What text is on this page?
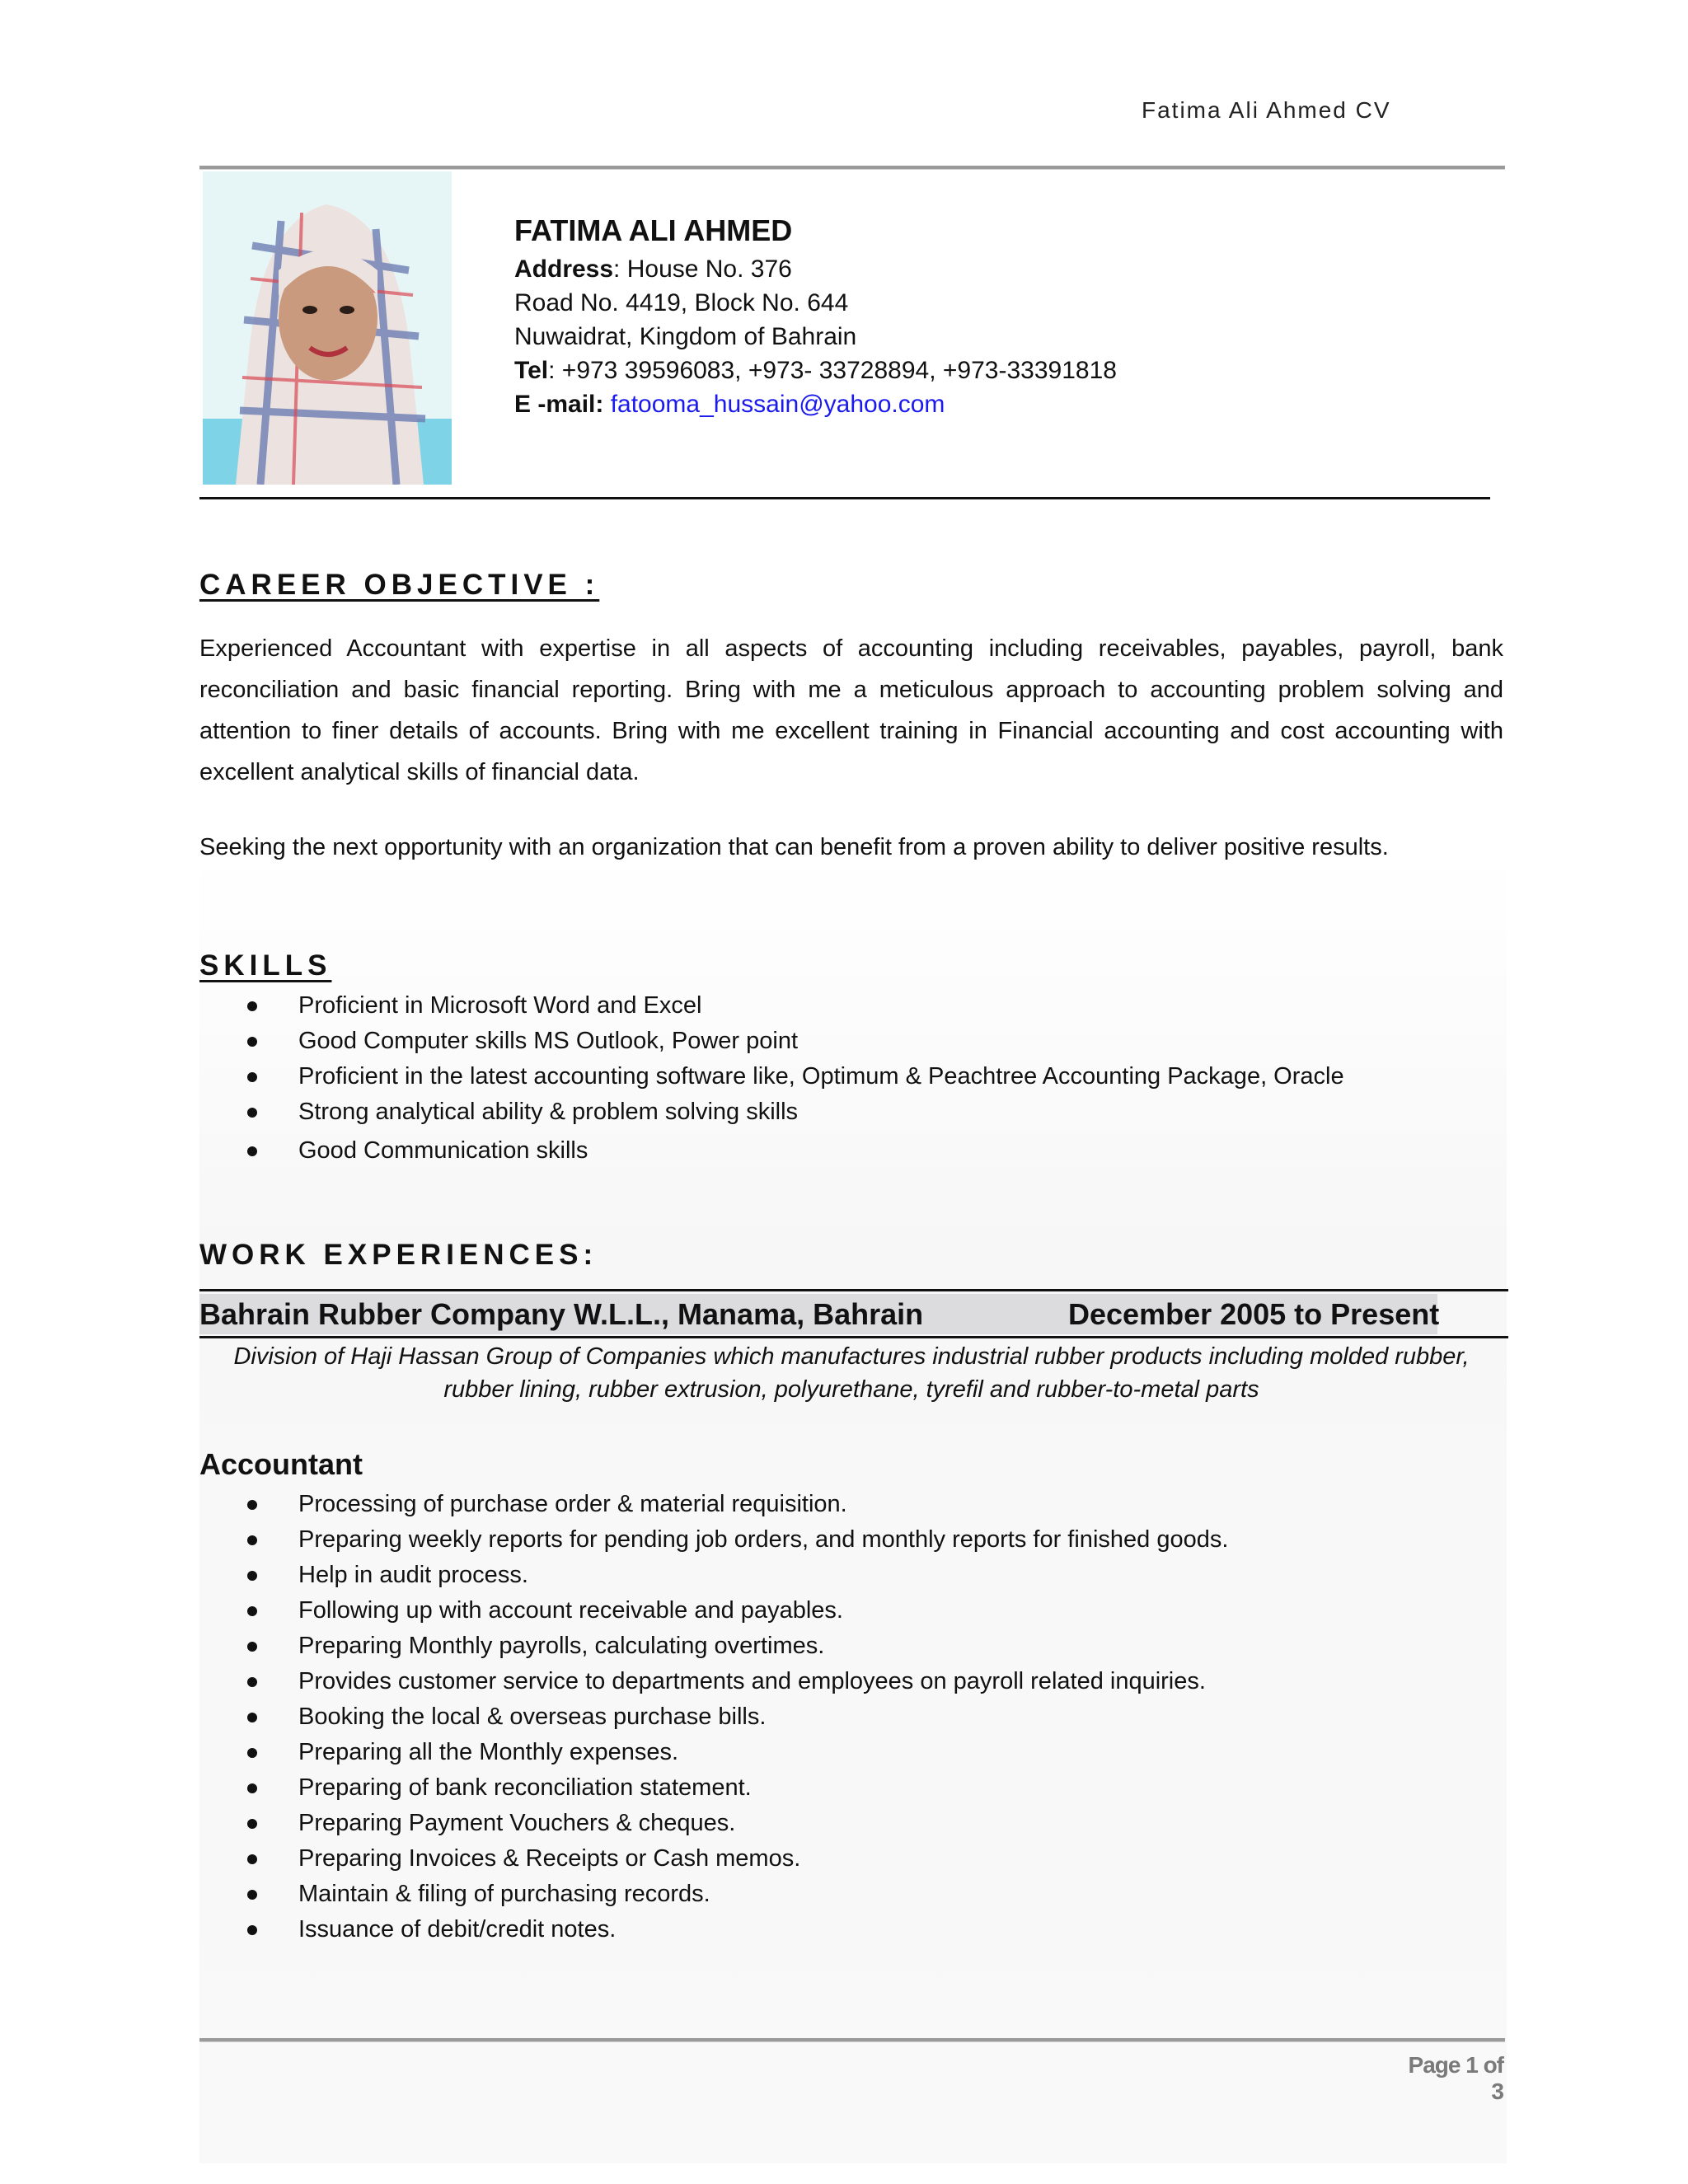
Fatima Ali Ahmed CV
FATIMA ALI AHMED
Address: House No. 376
Road No. 4419, Block No. 644
Nuwaidrat, Kingdom of Bahrain
Tel: +973 39596083, +973- 33728894, +973-33391818
E -mail: fatooma_hussain@yahoo.com
CAREER OBJECTIVE :
Experienced Accountant with expertise in all aspects of accounting including receivables, payables, payroll, bank reconciliation and basic financial reporting. Bring with me a meticulous approach to accounting problem solving and attention to finer details of accounts. Bring with me excellent training in Financial accounting and cost accounting with excellent analytical skills of financial data.
Seeking the next opportunity with an organization that can benefit from a proven ability to deliver positive results.
SKILLS
Proficient in Microsoft Word and Excel
Good Computer skills MS Outlook, Power point
Proficient in the latest accounting software like, Optimum & Peachtree Accounting Package, Oracle
Strong analytical ability & problem solving skills
Good Communication skills
WORK EXPERIENCES:
Bahrain Rubber Company W.L.L., Manama, Bahrain	December 2005 to Present
Division of Haji Hassan Group of Companies which manufactures industrial rubber products including molded rubber,
rubber lining, rubber extrusion, polyurethane, tyrefil and rubber-to-metal parts
Accountant
Processing of purchase order & material requisition.
Preparing weekly reports for pending job orders, and monthly reports for finished goods.
Help in audit process.
Following up with account receivable and payables.
Preparing Monthly payrolls, calculating overtimes.
Provides customer service to departments and employees on payroll related inquiries.
Booking the local & overseas purchase bills.
Preparing all the Monthly expenses.
Preparing of bank reconciliation statement.
Preparing Payment Vouchers & cheques.
Preparing Invoices & Receipts or Cash memos.
Maintain & filing of purchasing records.
Issuance of debit/credit notes.
Page 1 of 3
